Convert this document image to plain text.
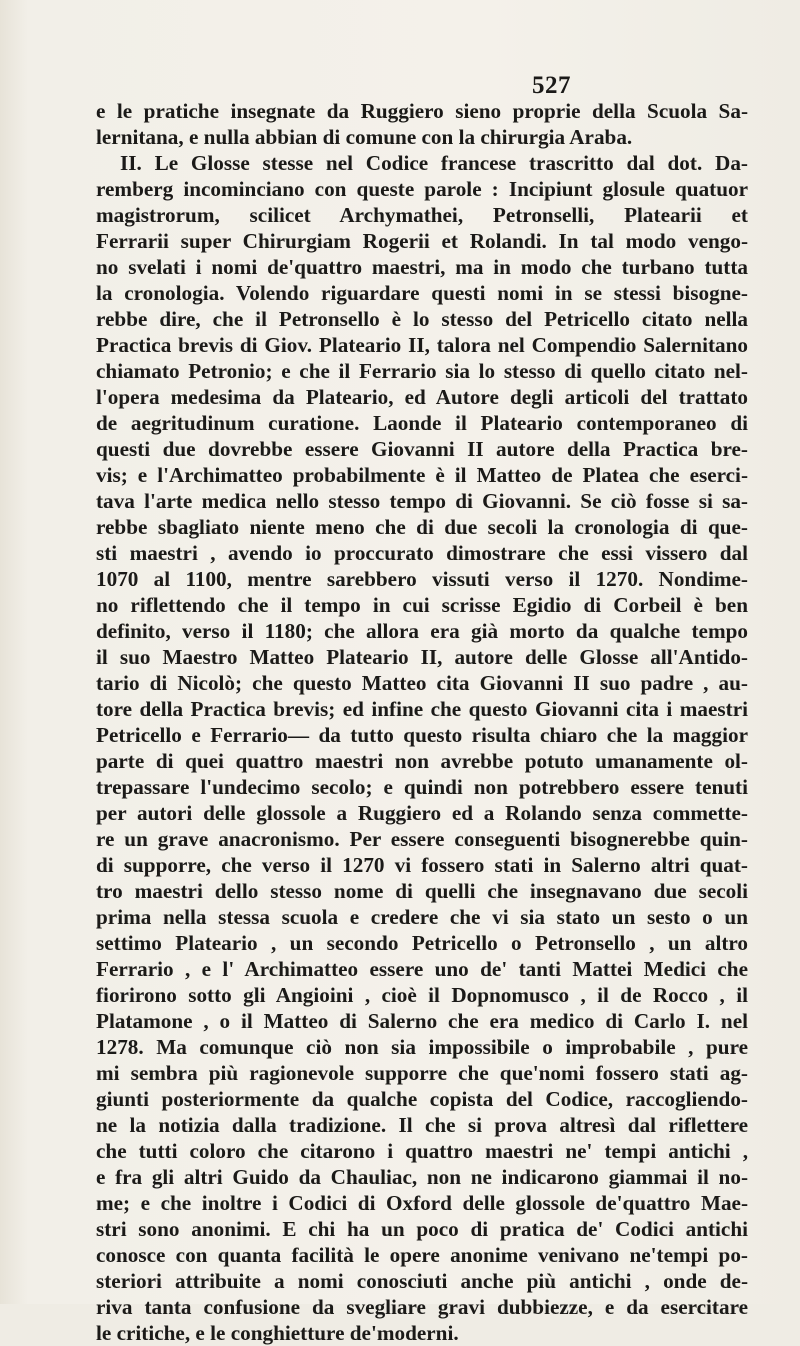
527
e le pratiche insegnate da Ruggiero sieno proprie della Scuola Sa-
lernitana, e nulla abbian di comune con la chirurgia Araba.
II. Le Glosse stesse nel Codice francese trascritto dal dot. Da-
remberg incominciano con queste parole : Incipiunt glosule quatuor
magistrorum, scilicet Archymathei, Petronselli, Plateariі et
Ferrarii super Chirurgiam Rogerii et Rolandi. In tal modo vengo-
no svelati i nomi de'quattro maestri, ma in modo che turbano tutta
la cronologia. Volendo riguardare questi nomi in se stessi bisogne-
rebbe dire, che il Petronsello è lo stesso del Petricello citato nella
Practica brevis di Giov. Plateario II, talora nel Compendio Salernitano
chiamato Petronio; e che il Ferrario sia lo stesso di quello citato nel-
l'opera medesima da Plateario, ed Autore degli articoli del trattato
de aegritudinum curatione. Laonde il Plateario contemporaneo di
questi due dovrebbe essere Giovanni II autore della Practica bre-
vis; e l'Archimatteo probabilmente è il Matteo de Platea che eserci-
tava l'arte medica nello stesso tempo di Giovanni. Se ciò fosse si sa-
rebbe sbagliato niente meno che di due secoli la cronologia di que-
sti maestri , avendo io proccurato dimostrare che essi vissero dal
1070 al 1100, mentre sarebbero vissuti verso il 1270. Nondime-
no riflettendo che il tempo in cui scrisse Egidio di Corbeil è ben
definito, verso il 1180; che allora era già morto da qualche tempo
il suo Maestro Matteo Plateario II, autore delle Glosse all'Antido-
tario di Nicolò; che questo Matteo cita Giovanni II suo padre , au-
tore della Practica brevis; ed infine che questo Giovanni cita i maestri
Petricello e Ferrario— da tutto questo risulta chiaro che la maggior
parte di quei quattro maestri non avrebbe potuto umanamente ol-
trepassare l'undecimo secolo; e quindi non potrebbero essere tenuti
per autori delle glossole a Ruggiero ed a Rolando senza commette-
re un grave anacronismo. Per essere conseguenti bisognerebbe quin-
di supporre, che verso il 1270 vi fossero stati in Salerno altri quat-
tro maestri dello stesso nome di quelli che insegnavano due secoli
prima nella stessa scuola e credere che vi sia stato un sesto o un
settimo Plateario , un secondo Petricello o Petronsello , un altro
Ferrario , e l' Archimatteo essere uno de' tanti Mattei Medici che
fiorirono sotto gli Angioini , cioè il Dopnomusco , il de Rocco , il
Platamone , o il Matteo di Salerno che era medico di Carlo I. nel
1278. Ma comunque ciò non sia impossibile o improbabile , pure
mi sembra più ragionevole supporre che que'nomi fossero stati ag-
giunti posteriormente da qualche copista del Codice, raccogliendo-
ne la notizia dalla tradizione. Il che si prova altresì dal riflettere
che tutti coloro che citarono i quattro maestri ne' tempi antichi ,
e fra gli altri Guido da Chauliac, non ne indicarono giammai il no-
me; e che inoltre i Codici di Oxford delle glossole de'quattro Mae-
stri sono anonimi. E chi ha un poco di pratica de' Codici antichi
conosce con quanta facilità le opere anonime venivano ne'tempi po-
steriori attribuite a nomi conosciuti anche più antichi , onde de-
riva tanta confusione da svegliare gravi dubbiezze, e da esercitare
le critiche, e le conghietture de'moderni.
